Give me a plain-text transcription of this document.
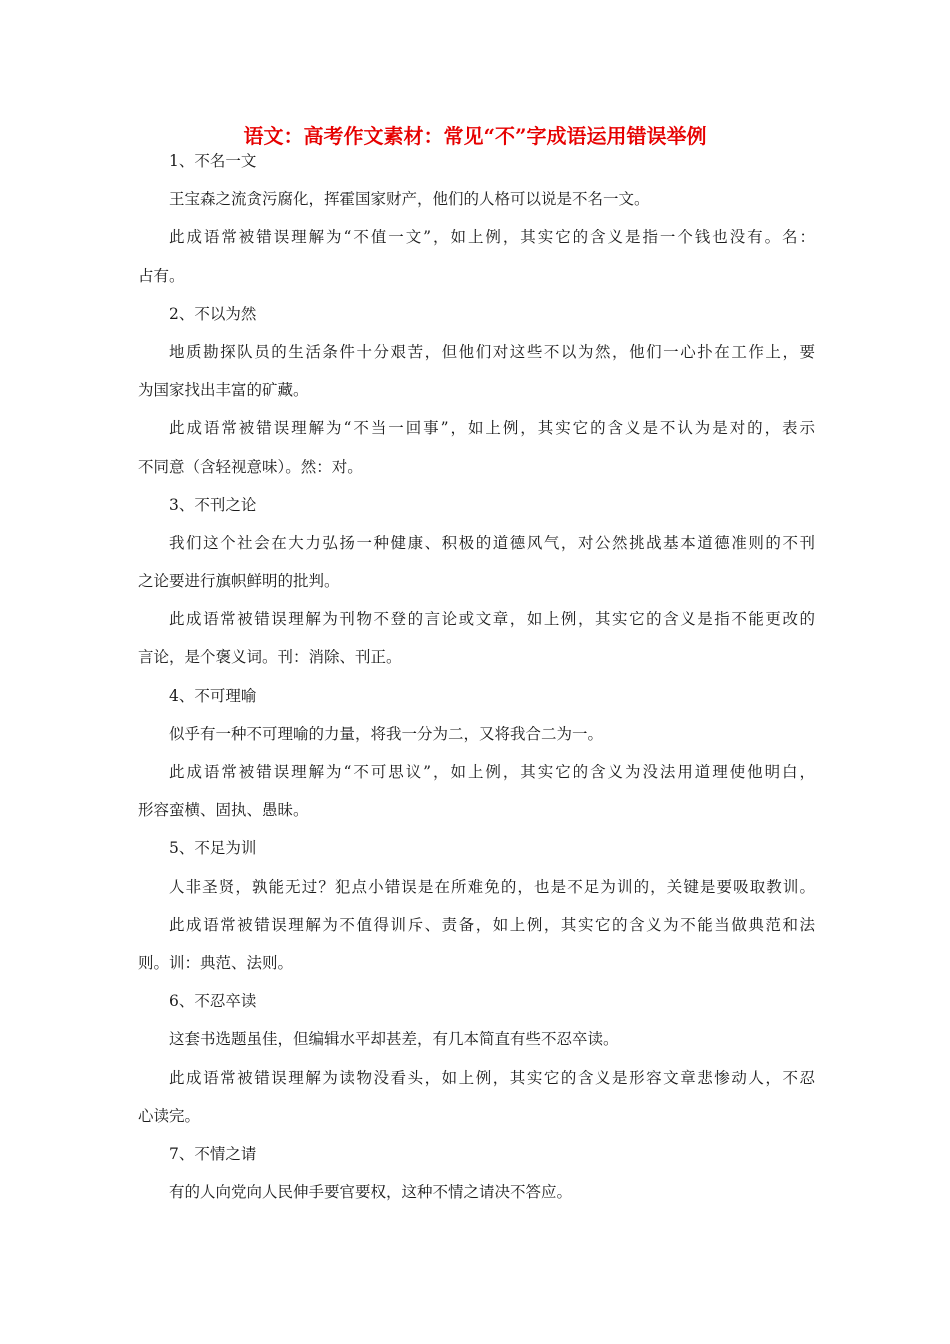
语文：高考作文素材：常见“不”字成语运用错误举例
1、不名一文
王宝森之流贪污腐化，挥霍国家财产，他们的人格可以说是不名一文。
此成语常被错误理解为“不值一文”，如上例，其实它的含义是指一个钱也没有。名：
占有。
2、不以为然
地质勘探队员的生活条件十分艰苦，但他们对这些不以为然，他们一心扑在工作上，要
为国家找出丰富的矿藏。
此成语常被错误理解为“不当一回事”，如上例，其实它的含义是不认为是对的，表示
不同意（含轻视意味）。然：对。
3、不刊之论
我们这个社会在大力弘扬一种健康、积极的道德风气，对公然挑战基本道德准则的不刊
之论要进行旗帜鲜明的批判。
此成语常被错误理解为刊物不登的言论或文章，如上例，其实它的含义是指不能更改的
言论，是个褒义词。刊：消除、刊正。
4、不可理喻
似乎有一种不可理喻的力量，将我一分为二，又将我合二为一。
此成语常被错误理解为“不可思议”，如上例，其实它的含义为没法用道理使他明白，
形容蛮横、固执、愚昧。
5、不足为训
人非圣贤，孰能无过？犯点小错误是在所难免的，也是不足为训的，关键是要吸取教训。
此成语常被错误理解为不值得训斥、责备，如上例，其实它的含义为不能当做典范和法
则。训：典范、法则。
6、不忍卒读
这套书选题虽佳，但编辑水平却甚差，有几本简直有些不忍卒读。
此成语常被错误理解为读物没看头，如上例，其实它的含义是形容文章悲惨动人，不忍
心读完。
7、不情之请
有的人向党向人民伸手要官要权，这种不情之请决不答应。
